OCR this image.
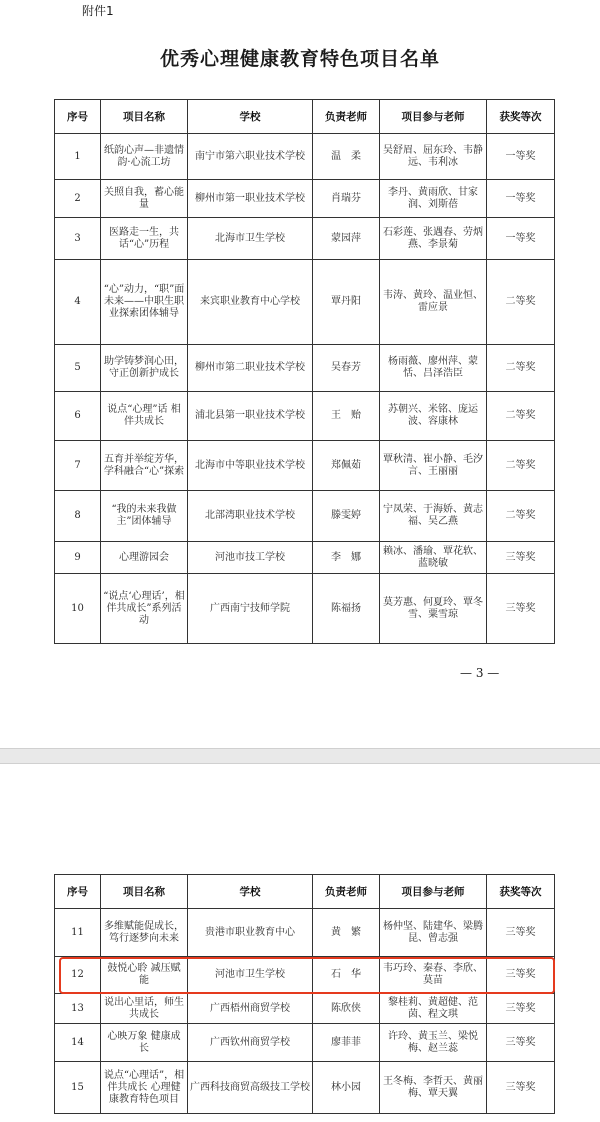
附件1
优秀心理健康教育特色项目名单
序号	项目名称	学校	负责老师	项目参与老师	获奖等次
1	纸韵心声—非遗情韵·心流工坊	南宁市第六职业技术学校	温　柔	吴舒眉、屈东玲、韦静远、韦利冰	一等奖
2	关照自我，蓄心能量	柳州市第一职业技术学校	肖瑞芬	李丹、黄雨欣、甘家润、刘斯蓓	一等奖
3	医路走一生，共话“心”历程	北海市卫生学校	蒙园萍	石彩莲、张遇春、劳炳燕、李景菊	一等奖
4	“心”动力，“职”面未来——中职生职业探索团体辅导	来宾职业教育中心学校	覃丹阳	韦涛、黄玲、温业恒、雷应景	二等奖
5	助学铸梦润心田，守正创新护成长	柳州市第二职业技术学校	吴春芳	杨雨薇、廖州萍、蒙恬、吕泽浩臣	二等奖
6	说点“心理”话 相伴共成长	浦北县第一职业技术学校	王　贻	苏朝兴、米铭、庞运波、容康林	二等奖
7	五育并举绽芳华，学科融合“心”探索	北海市中等职业技术学校	郑佩茹	覃秋清、崔小静、毛汐言、王丽丽	二等奖
8	“我的未来我做主”团体辅导	北部湾职业技术学校	滕雯婷	宁凤荣、于海娇、黄志福、吴乙燕	二等奖
9	心理游园会	河池市技工学校	李　娜	赖冰、潘瑜、覃花软、蓝晓敏	三等奖
10	“说点‘心理话’，相伴共成长”系列活动	广西南宁技师学院	陈福扬	莫芳惠、何夏玲、覃冬雪、粟雪琼	三等奖
— 3 —
序号	项目名称	学校	负责老师	项目参与老师	获奖等次
11	多维赋能促成长，笃行逐梦向未来	贵港市职业教育中心	黄　繁	杨仲坚、陆建华、梁腾昆、曾志强	三等奖
12	鼓悦心聆 减压赋能	河池市卫生学校	石　华	韦巧玲、秦春、李欣、莫苗	三等奖
13	说出心里话，师生共成长	广西梧州商贸学校	陈欣侠	黎桂莉、黄超健、范茵、程文琪	三等奖
14	心映万象 健康成长	广西钦州商贸学校	廖菲菲	许玲、黄玉兰、梁悦梅、赵兰蕊	三等奖
15	说点“心理话”，相伴共成长 心理健康教育特色项目	广西科技商贸高级技工学校	林小园	王冬梅、李哲天、黄丽梅、覃天翼	三等奖
